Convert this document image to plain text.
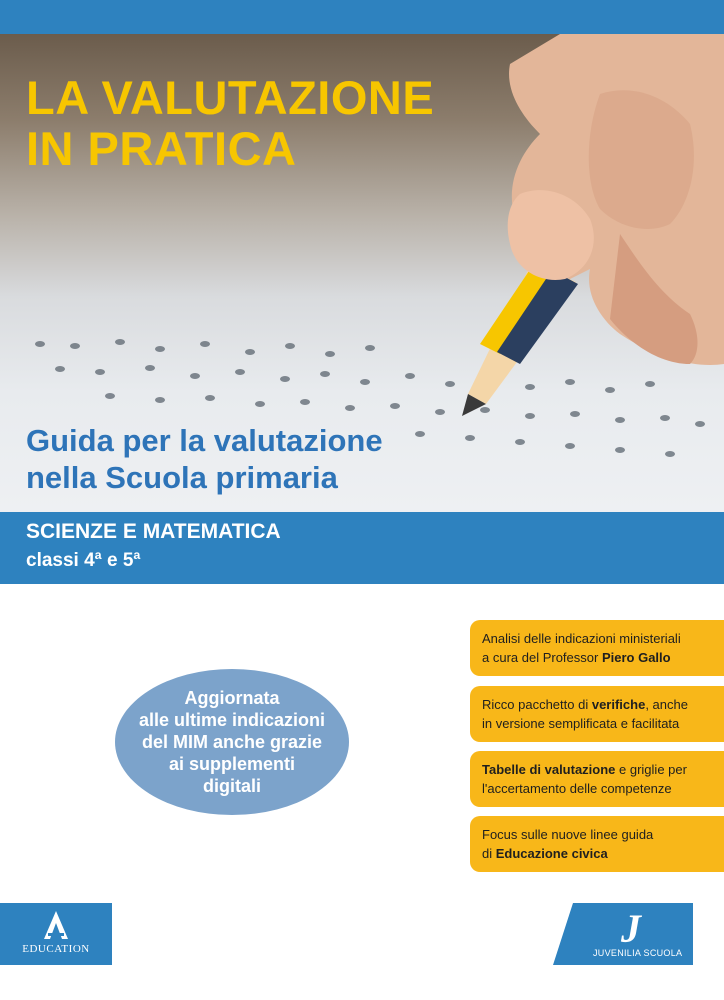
LA VALUTAZIONE
IN PRATICA
Guida per la valutazione
nella Scuola primaria
SCIENZE E MATEMATICA
classi 4ª e 5ª
Aggiornata
alle ultime indicazioni
del MIM anche grazie
ai supplementi
digitali
Analisi delle indicazioni ministeriali
a cura del Professor Piero Gallo
Ricco pacchetto di verifiche, anche
in versione semplificata e facilitata
Tabelle di valutazione e griglie per
l'accertamento delle competenze
Focus sulle nuove linee guida
di Educazione civica
EDUCATION	J
JUVENILIA SCUOLA
